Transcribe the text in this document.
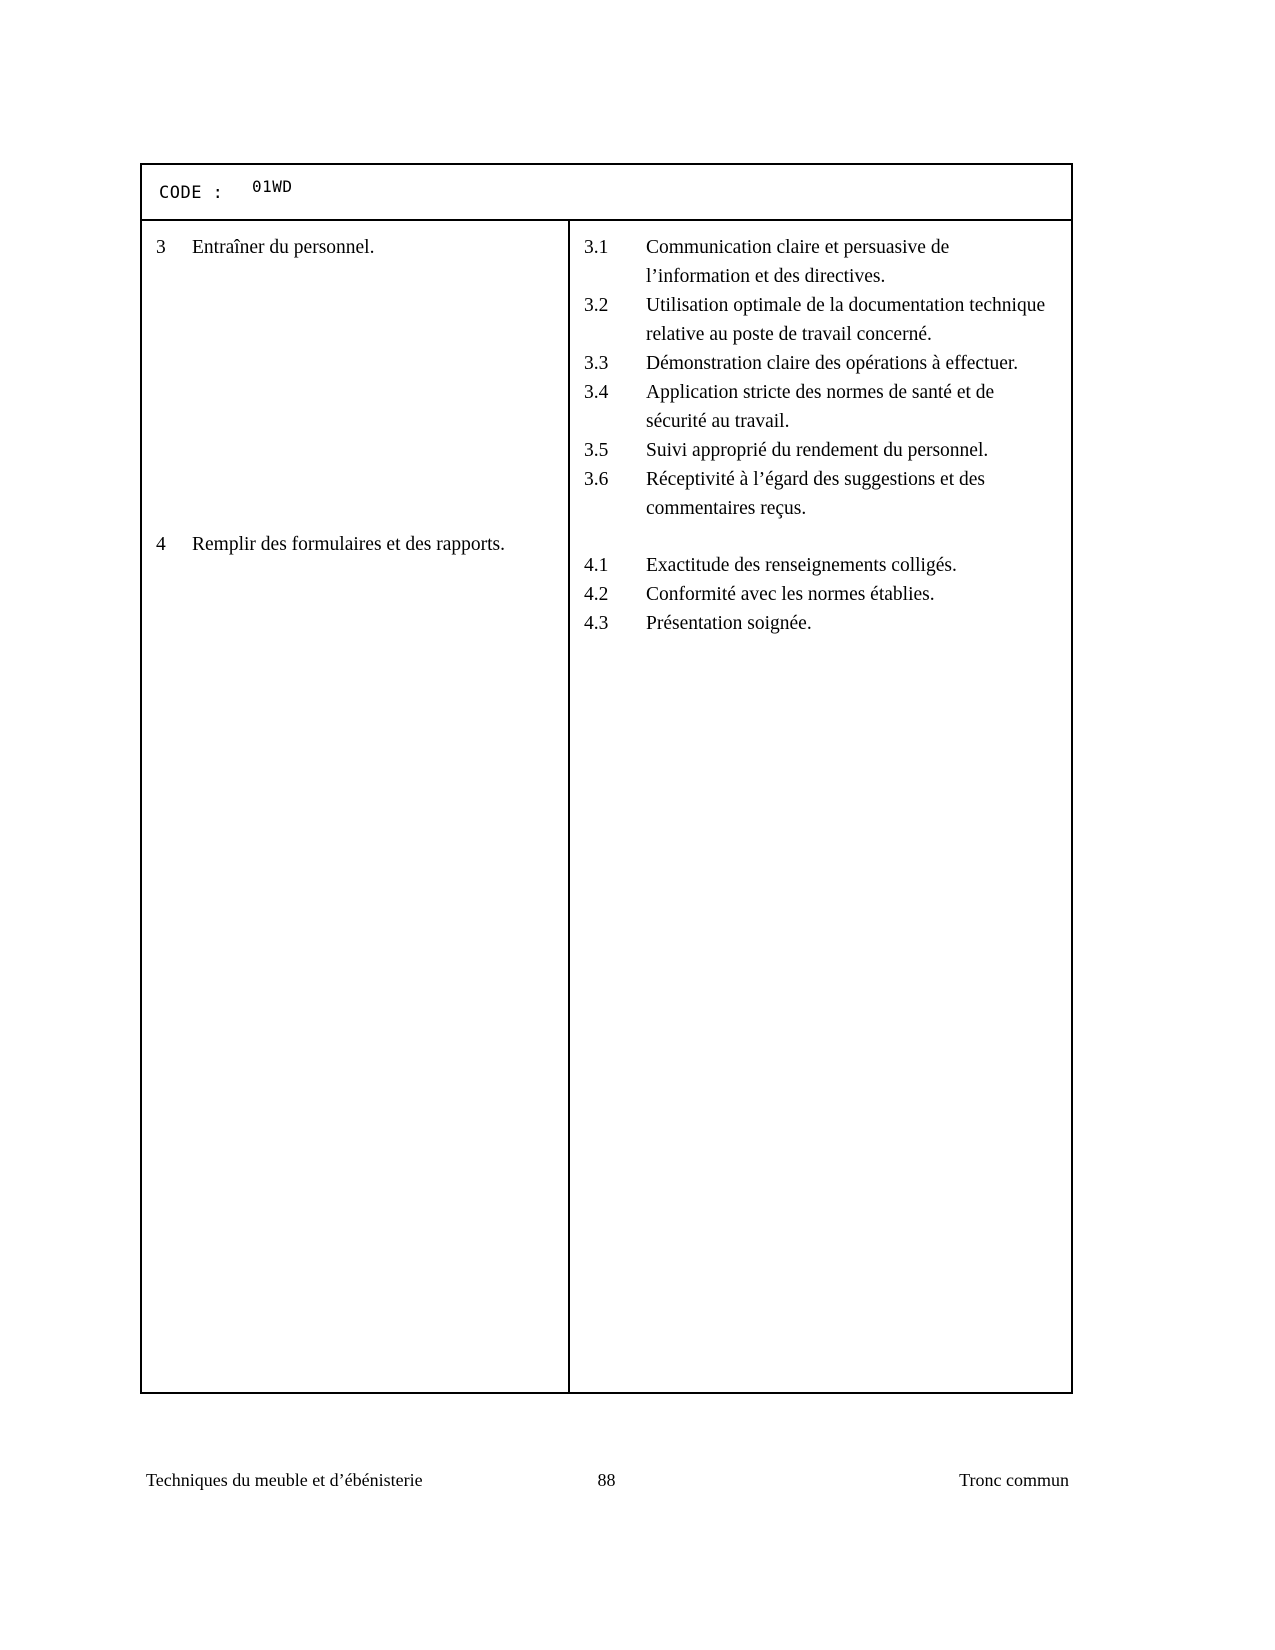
CODE : 01WD
3	Entraîner du personnel.
4	Remplir des formulaires et des rapports.
3.1	Communication claire et persuasive de l’information et des directives.
3.2	Utilisation optimale de la documentation technique relative au poste de travail concerné.
3.3	Démonstration claire des opérations à effectuer.
3.4	Application stricte des normes de santé et de sécurité au travail.
3.5	Suivi approprié du rendement du personnel.
3.6	Réceptivité à l’égard des suggestions et des commentaires reçus.
4.1	Exactitude des renseignements colligés.
4.2	Conformité avec les normes établies.
4.3	Présentation soignée.
Techniques du meuble et d’ébénisterie	88	Tronc commun
